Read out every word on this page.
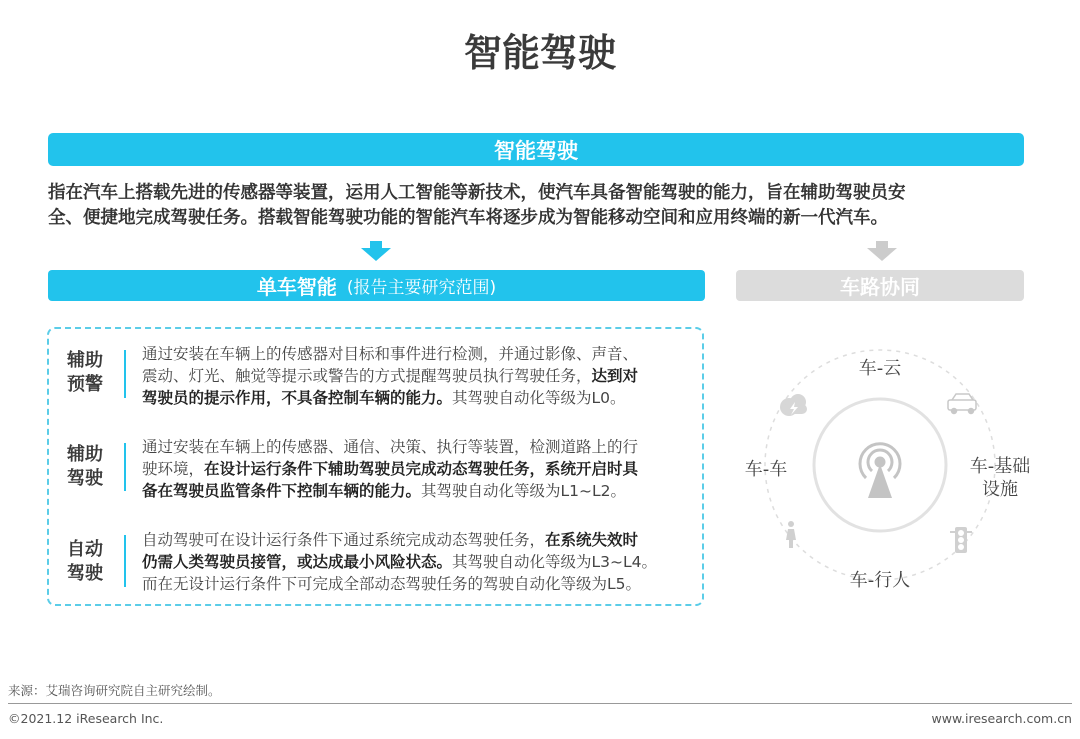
智能驾驶
智能驾驶
指在汽车上搭载先进的传感器等装置，运用人工智能等新技术，使汽车具备智能驾驶的能力，旨在辅助驾驶员安
全、便捷地完成驾驶任务。搭载智能驾驶功能的智能汽车将逐步成为智能移动空间和应用终端的新一代汽车。
单车智能 (报告主要研究范围)	车路协同
辅助
预警
通过安装在车辆上的传感器对目标和事件进行检测，并通过影像、声音、
震动、灯光、触觉等提示或警告的方式提醒驾驶员执行驾驶任务，达到对
驾驶员的提示作用，不具备控制车辆的能力。其驾驶自动化等级为L0。
辅助
驾驶
通过安装在车辆上的传感器、通信、决策、执行等装置，检测道路上的行
驶环境，在设计运行条件下辅助驾驶员完成动态驾驶任务，系统开启时具
备在驾驶员监管条件下控制车辆的能力。其驾驶自动化等级为L1~L2。
自动
驾驶
自动驾驶可在设计运行条件下通过系统完成动态驾驶任务，在系统失效时
仍需人类驾驶员接管，或达成最小风险状态。其驾驶自动化等级为L3~L4。
而在无设计运行条件下可完成全部动态驾驶任务的驾驶自动化等级为L5。
车-云
车-车	车-基础
设施
车-行人
来源：艾瑞咨询研究院自主研究绘制。
©2021.12 iResearch Inc.	www.iresearch.com.cn
